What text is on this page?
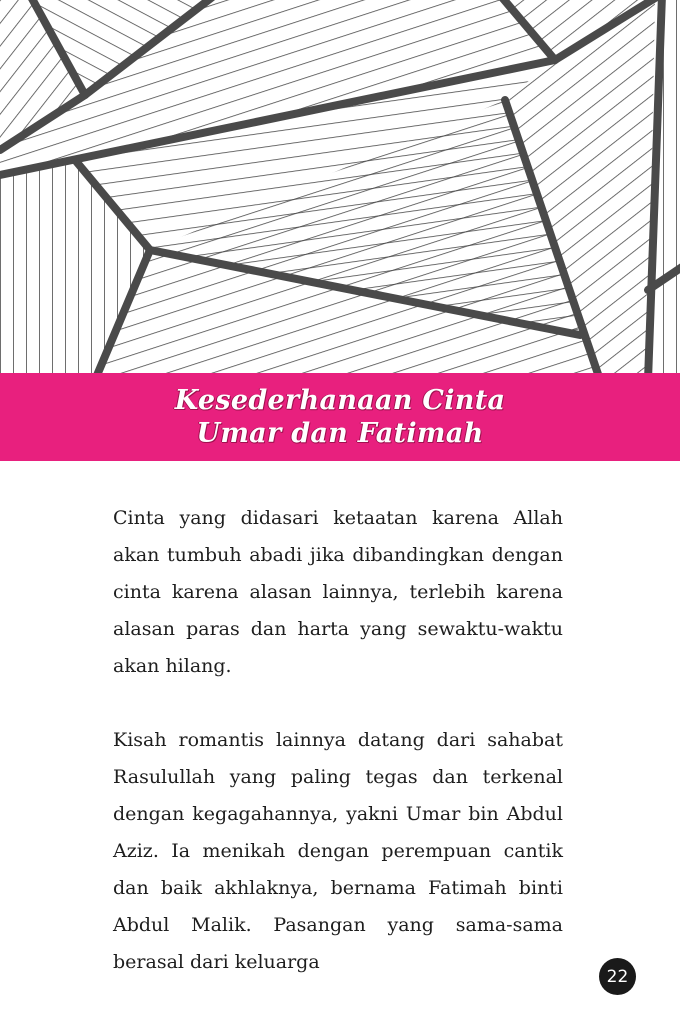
Kesederhanaan Cinta
Umar dan Fatimah

Cinta yang didasari ketaatan karena Allah akan tumbuh abadi jika dibandingkan dengan cinta karena alasan lainnya, terlebih karena alasan paras dan harta yang sewaktu-waktu akan hilang.

Kisah romantis lainnya datang dari sahabat Rasulullah yang paling tegas dan terkenal dengan kegagahannya, yakni Umar bin Abdul Aziz. Ia menikah dengan perempuan cantik dan baik akhlaknya, bernama Fatimah binti Abdul Malik. Pasangan yang sama-sama berasal dari keluarga

22
